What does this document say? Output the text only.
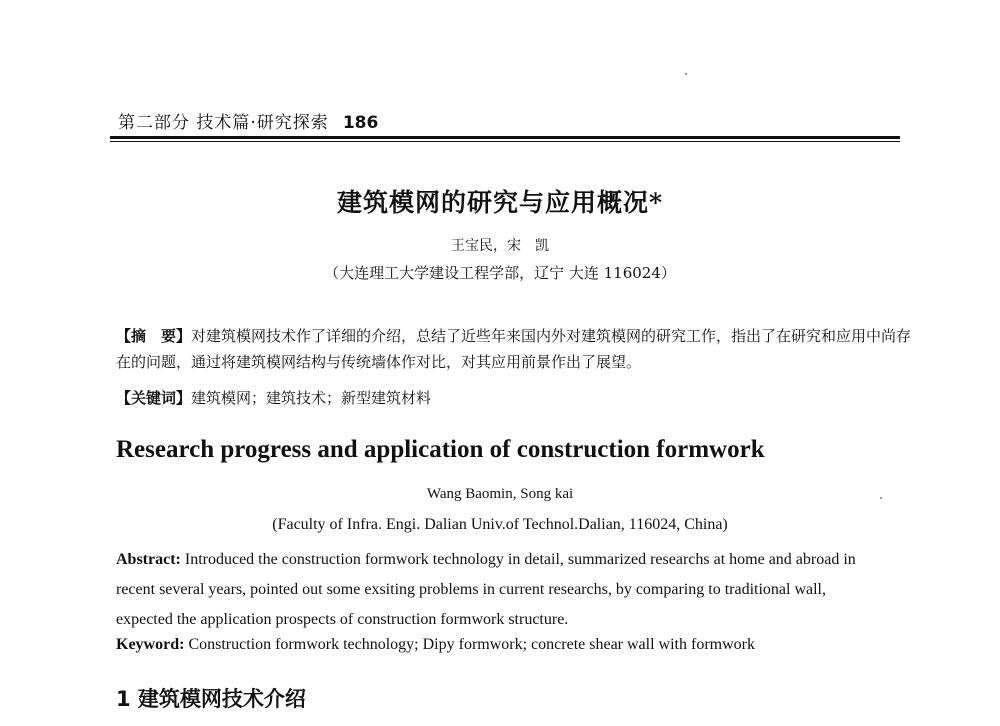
第二部分 技术篇·研究探索 186
建筑模网的研究与应用概况*
王宝民，宋　凯
（大连理工大学建设工程学部，辽宁 大连 116024）
【摘　要】对建筑模网技术作了详细的介绍，总结了近些年来国内外对建筑模网的研究工作，指出了在研究和应用中尚存在的问题，通过将建筑模网结构与传统墙体作对比，对其应用前景作出了展望。
【关键词】建筑模网；建筑技术；新型建筑材料
Research progress and application of construction formwork
Wang Baomin, Song kai
(Faculty of Infra. Engi. Dalian Univ.of Technol.Dalian, 116024, China)
Abstract: Introduced the construction formwork technology in detail, summarized researchs at home and abroad in recent several years, pointed out some exsiting problems in current researchs, by comparing to traditional wall, expected the application prospects of construction formwork structure.
Keyword: Construction formwork technology; Dipy formwork; concrete shear wall with formwork
1 建筑模网技术介绍
